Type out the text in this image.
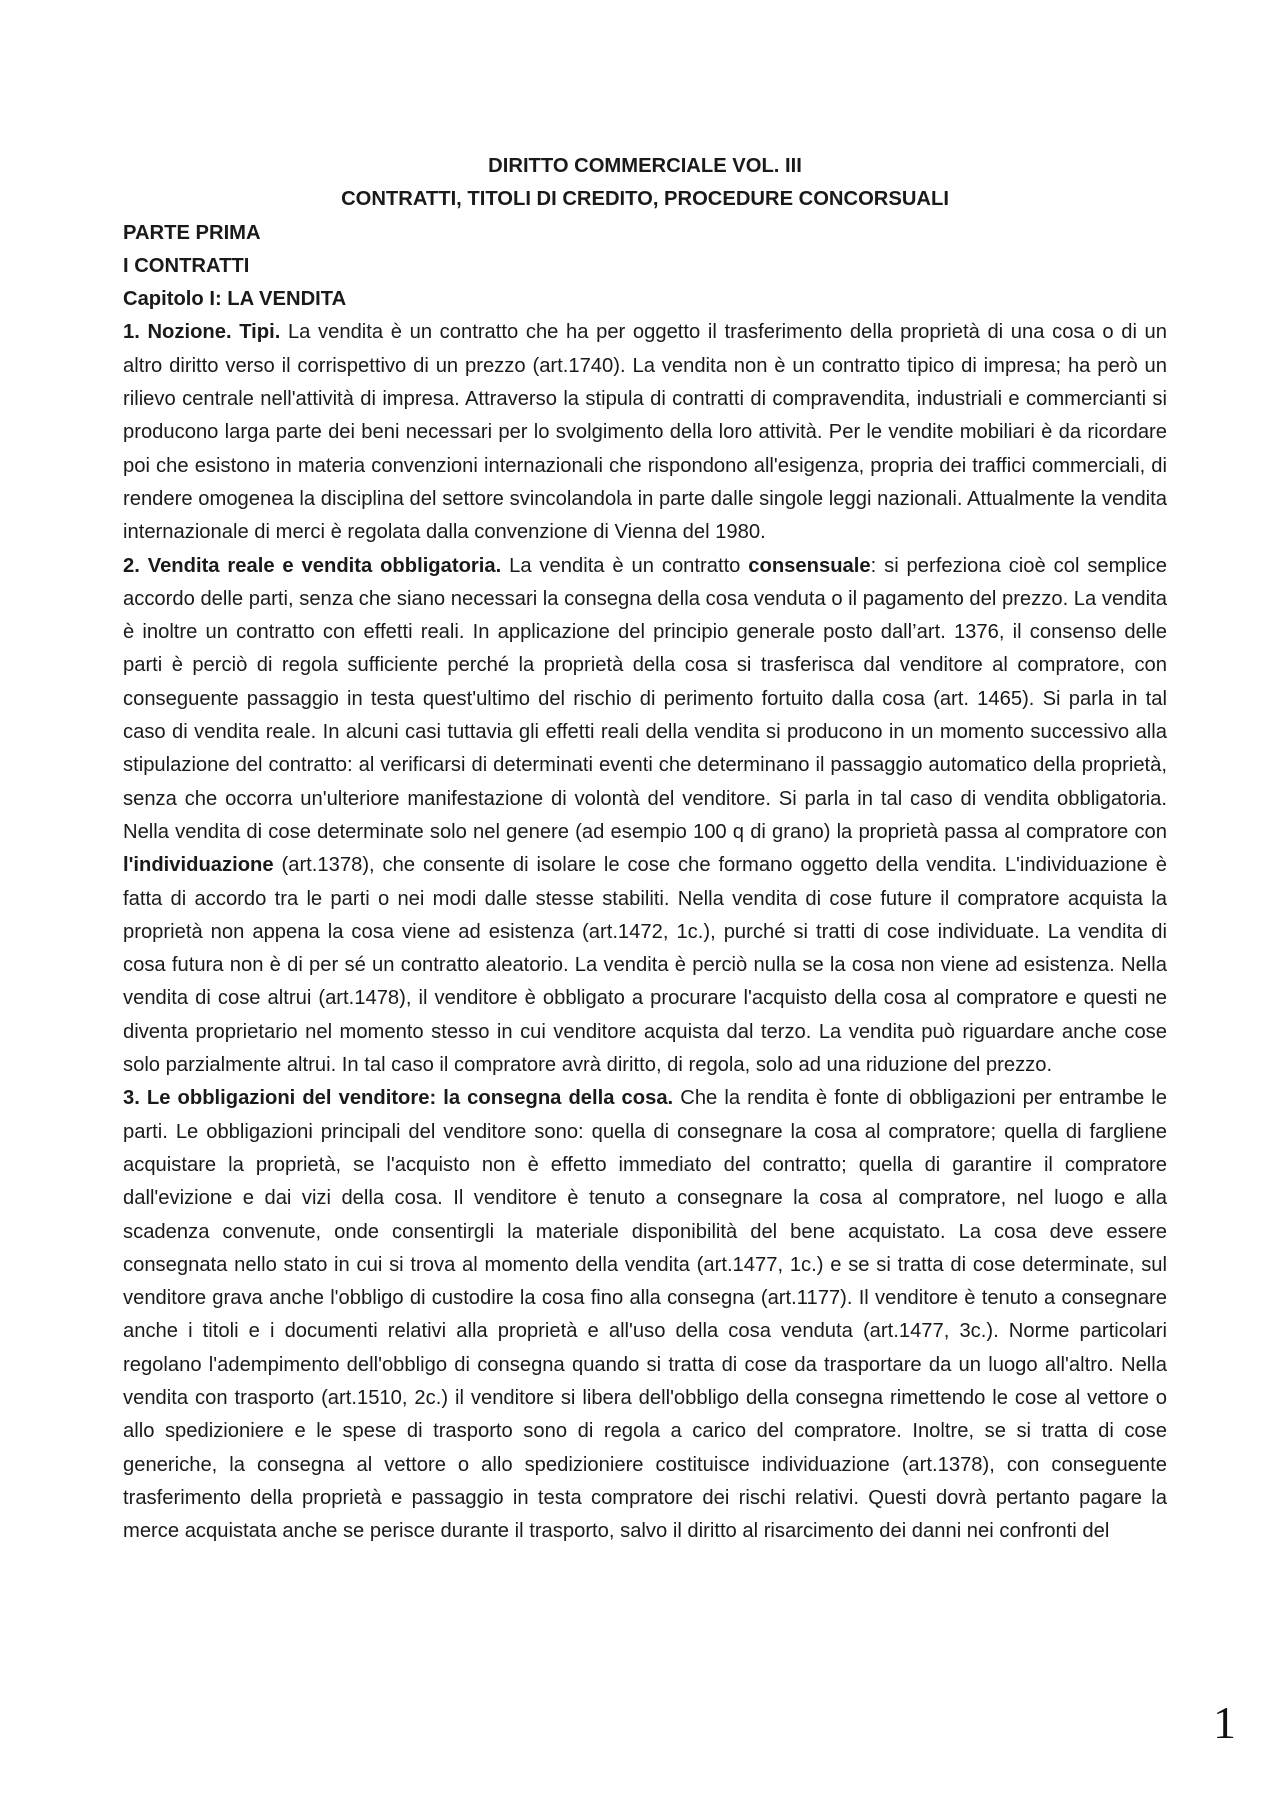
DIRITTO COMMERCIALE VOL. III

CONTRATTI, TITOLI DI CREDITO, PROCEDURE CONCORSUALI

PARTE PRIMA

I CONTRATTI

Capitolo I: LA VENDITA

1. Nozione. Tipi. La vendita è un contratto che ha per oggetto il trasferimento della proprietà di una cosa o di un altro diritto verso il corrispettivo di un prezzo (art.1740). La vendita non è un contratto tipico di impresa; ha però un rilievo centrale nell'attività di impresa. Attraverso la stipula di contratti di compravendita, industriali e commercianti si producono larga parte dei beni necessari per lo svolgimento della loro attività. Per le vendite mobiliari è da ricordare poi che esistono in materia convenzioni internazionali che rispondono all'esigenza, propria dei traffici commerciali, di rendere omogenea la disciplina del settore svincolandola in parte dalle singole leggi nazionali. Attualmente la vendita internazionale di merci è regolata dalla convenzione di Vienna del 1980.

2. Vendita reale e vendita obbligatoria. La vendita è un contratto consensuale: si perfeziona cioè col semplice accordo delle parti, senza che siano necessari la consegna della cosa venduta o il pagamento del prezzo. La vendita è inoltre un contratto con effetti reali. In applicazione del principio generale posto dall’art. 1376, il consenso delle parti è perciò di regola sufficiente perché la proprietà della cosa si trasferisca dal venditore al compratore, con conseguente passaggio in testa quest'ultimo del rischio di perimento fortuito dalla cosa (art. 1465). Si parla in tal caso di vendita reale. In alcuni casi tuttavia gli effetti reali della vendita si producono in un momento successivo alla stipulazione del contratto: al verificarsi di determinati eventi che determinano il passaggio automatico della proprietà, senza che occorra un'ulteriore manifestazione di volontà del venditore. Si parla in tal caso di vendita obbligatoria. Nella vendita di cose determinate solo nel genere (ad esempio 100 q di grano) la proprietà passa al compratore con l'individuazione (art.1378), che consente di isolare le cose che formano oggetto della vendita. L'individuazione è fatta di accordo tra le parti o nei modi dalle stesse stabiliti. Nella vendita di cose future il compratore acquista la proprietà non appena la cosa viene ad esistenza (art.1472, 1c.), purché si tratti di cose individuate. La vendita di cosa futura non è di per sé un contratto aleatorio. La vendita è perciò nulla se la cosa non viene ad esistenza. Nella vendita di cose altrui (art.1478), il venditore è obbligato a procurare l'acquisto della cosa al compratore e questi ne diventa proprietario nel momento stesso in cui venditore acquista dal terzo. La vendita può riguardare anche cose solo parzialmente altrui. In tal caso il compratore avrà diritto, di regola, solo ad una riduzione del prezzo.

3. Le obbligazioni del venditore: la consegna della cosa. Che la rendita è fonte di obbligazioni per entrambe le parti. Le obbligazioni principali del venditore sono: quella di consegnare la cosa al compratore; quella di fargliene acquistare la proprietà, se l'acquisto non è effetto immediato del contratto; quella di garantire il compratore dall'evizione e dai vizi della cosa. Il venditore è tenuto a consegnare la cosa al compratore, nel luogo e alla scadenza convenute, onde consentirgli la materiale disponibilità del bene acquistato. La cosa deve essere consegnata nello stato in cui si trova al momento della vendita (art.1477, 1c.) e se si tratta di cose determinate, sul venditore grava anche l'obbligo di custodire la cosa fino alla consegna (art.1177). Il venditore è tenuto a consegnare anche i titoli e i documenti relativi alla proprietà e all'uso della cosa venduta (art.1477, 3c.). Norme particolari regolano l'adempimento dell'obbligo di consegna quando si tratta di cose da trasportare da un luogo all'altro. Nella vendita con trasporto (art.1510, 2c.) il venditore si libera dell'obbligo della consegna rimettendo le cose al vettore o allo spedizioniere e le spese di trasporto sono di regola a carico del compratore. Inoltre, se si tratta di cose generiche, la consegna al vettore o allo spedizioniere costituisce individuazione (art.1378), con conseguente trasferimento della proprietà e passaggio in testa compratore dei rischi relativi. Questi dovrà pertanto pagare la merce acquistata anche se perisce durante il trasporto, salvo il diritto al risarcimento dei danni nei confronti del

1
